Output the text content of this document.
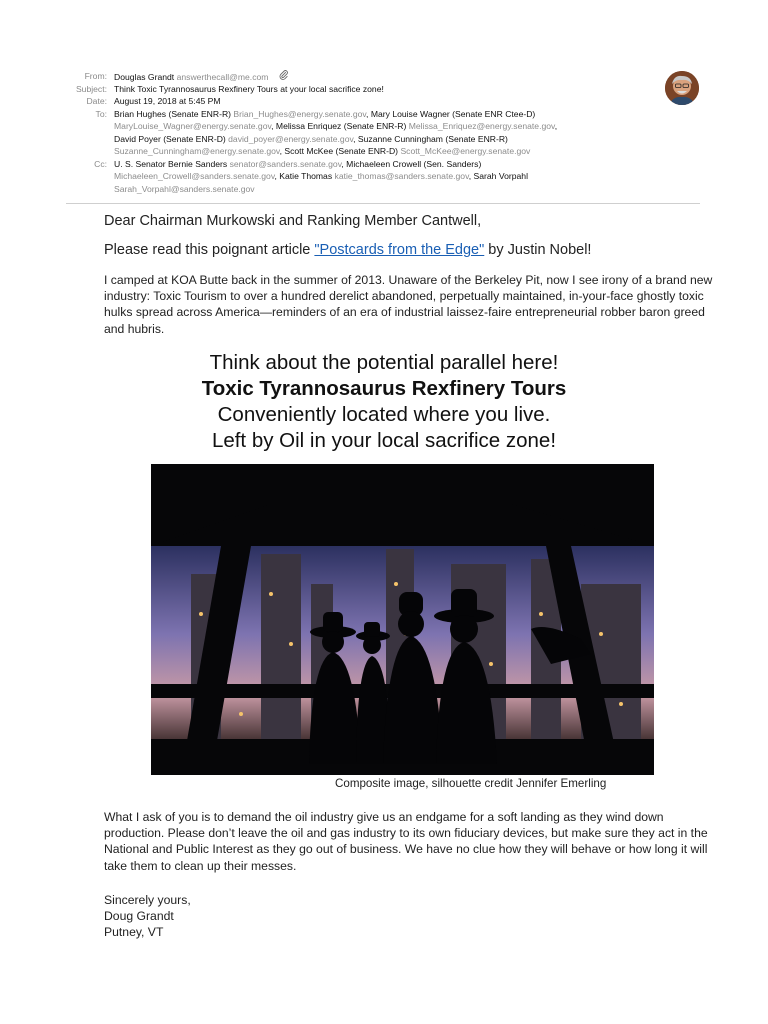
From: Douglas Grandt answerthecall@me.com
Subject: Think Toxic Tyrannosaurus Rexfinery Tours at your local sacrifice zone!
Date: August 19, 2018 at 5:45 PM
To: Brian Hughes (Senate ENR-R) Brian_Hughes@energy.senate.gov, Mary Louise Wagner (Senate ENR Ctee-D)
MaryLouise_Wagner@energy.senate.gov, Melissa Enriquez (Senate ENR-R) Melissa_Enriquez@energy.senate.gov,
David Poyer (Senate ENR-D) david_poyer@energy.senate.gov, Suzanne Cunningham (Senate ENR-R)
Suzanne_Cunningham@energy.senate.gov, Scott McKee (Senate ENR-D) Scott_McKee@energy.senate.gov
Cc: U. S. Senator Bernie Sanders senator@sanders.senate.gov, Michaeleen Crowell (Sen. Sanders)
Michaeleen_Crowell@sanders.senate.gov, Katie Thomas katie_thomas@sanders.senate.gov, Sarah Vorpahl
Sarah_Vorpahl@sanders.senate.gov
Dear Chairman Murkowski and Ranking Member Cantwell,
Please read this poignant article "Postcards from the Edge" by Justin Nobel!
I camped at KOA Butte back in the summer of 2013. Unaware of the Berkeley Pit, now I see irony of a brand new industry: Toxic Tourism to over a hundred derelict abandoned, perpetually maintained, in-your-face ghostly toxic hulks spread across America—reminders of an era of industrial laissez-faire entrepreneurial robber baron greed and hubris.
Think about the potential parallel here!
Toxic Tyrannosaurus Rexfinery Tours
Conveniently located where you live.
Left by Oil in your local sacrifice zone!
Composite image, silhouette credit Jennifer Emerling
What I ask of you is to demand the oil industry give us an endgame for a soft landing as they wind down production. Please don’t leave the oil and gas industry to its own fiduciary devices, but make sure they act in the National and Public Interest as they go out of business. We have no clue how they will behave or how long it will take them to clean up their messes.
Sincerely yours,
Doug Grandt
Putney, VT
